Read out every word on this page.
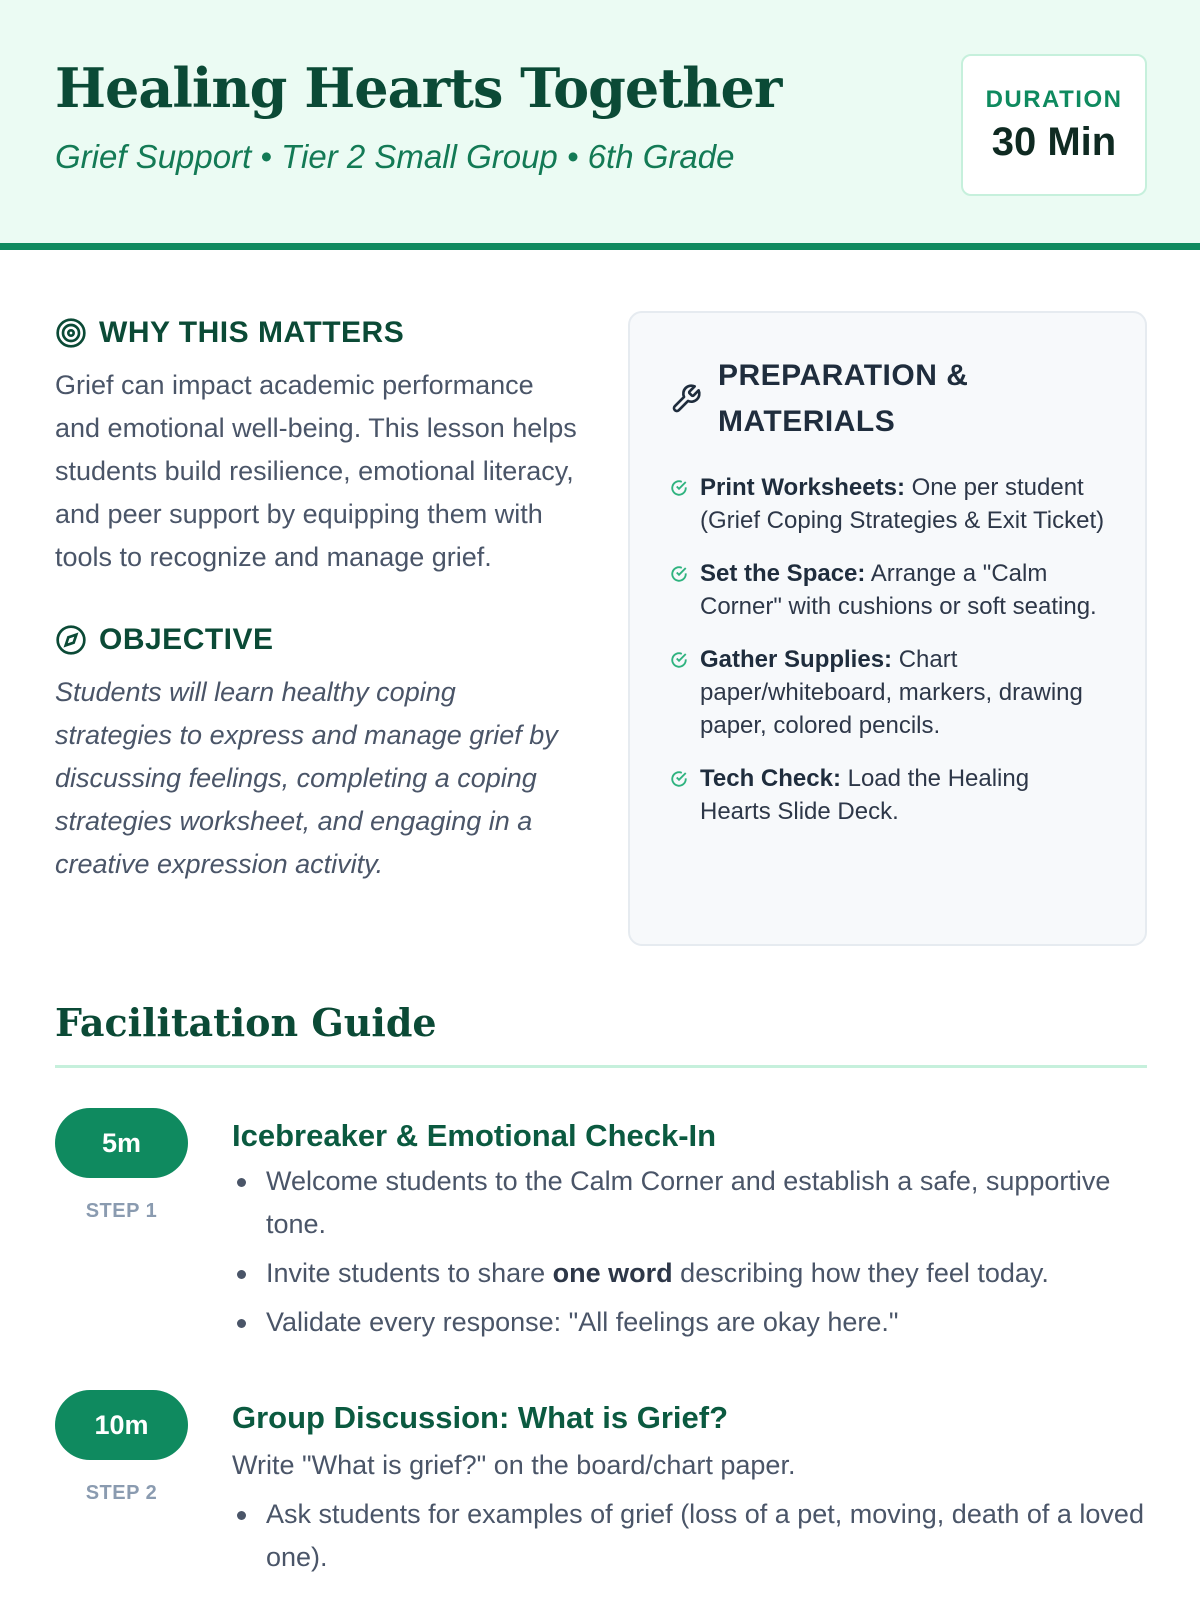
Healing Hearts Together
Grief Support • Tier 2 Small Group • 6th Grade
DURATION
30 Min
WHY THIS MATTERS

Grief can impact academic performance and emotional well-being. This lesson helps students build resilience, emotional literacy, and peer support by equipping them with tools to recognize and manage grief.

OBJECTIVE

Students will learn healthy coping strategies to express and manage grief by discussing feelings, completing a coping strategies worksheet, and engaging in a creative expression activity.

PREPARATION & MATERIALS
Print Worksheets: One per student (Grief Coping Strategies & Exit Ticket)
Set the Space: Arrange a "Calm Corner" with cushions or soft seating.
Gather Supplies: Chart paper/whiteboard, markers, drawing paper, colored pencils.
Tech Check: Load the Healing Hearts Slide Deck.
Facilitation Guide
5m
STEP 1
Icebreaker & Emotional Check-In
Welcome students to the Calm Corner and establish a safe, supportive tone.
Invite students to share one word describing how they feel today.
Validate every response: "All feelings are okay here."
10m
STEP 2
Group Discussion: What is Grief?
Write "What is grief?" on the board/chart paper.
Ask students for examples of grief (loss of a pet, moving, death of a loved one).
